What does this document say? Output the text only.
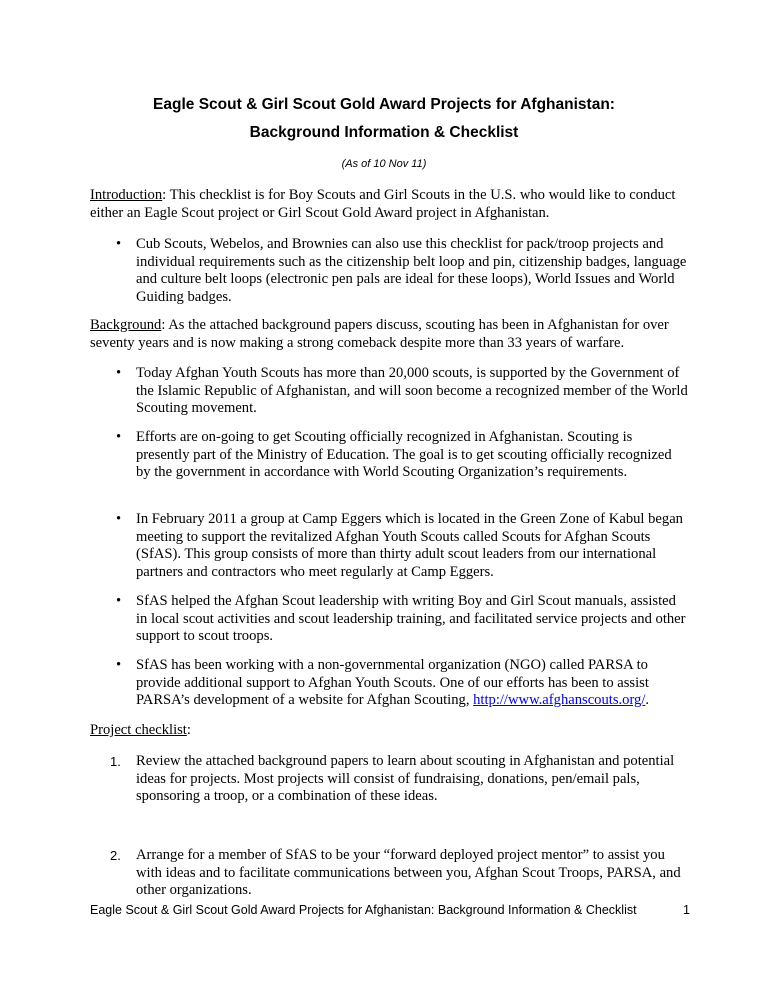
Eagle Scout & Girl Scout Gold Award Projects for Afghanistan:
Background Information & Checklist
(As of 10 Nov 11)
Introduction: This checklist is for Boy Scouts and Girl Scouts in the U.S. who would like to conduct either an Eagle Scout project or Girl Scout Gold Award project in Afghanistan.
• Cub Scouts, Webelos, and Brownies can also use this checklist for pack/troop projects and individual requirements such as the citizenship belt loop and pin, citizenship badges, language and culture belt loops (electronic pen pals are ideal for these loops), World Issues and World Guiding badges.
Background: As the attached background papers discuss, scouting has been in Afghanistan for over seventy years and is now making a strong comeback despite more than 33 years of warfare.
• Today Afghan Youth Scouts has more than 20,000 scouts, is supported by the Government of the Islamic Republic of Afghanistan, and will soon become a recognized member of the World Scouting movement.
• Efforts are on-going to get Scouting officially recognized in Afghanistan. Scouting is presently part of the Ministry of Education. The goal is to get scouting officially recognized by the government in accordance with World Scouting Organization’s requirements.
• In February 2011 a group at Camp Eggers which is located in the Green Zone of Kabul began meeting to support the revitalized Afghan Youth Scouts called Scouts for Afghan Scouts (SfAS). This group consists of more than thirty adult scout leaders from our international partners and contractors who meet regularly at Camp Eggers.
• SfAS helped the Afghan Scout leadership with writing Boy and Girl Scout manuals, assisted in local scout activities and scout leadership training, and facilitated service projects and other support to scout troops.
• SfAS has been working with a non-governmental organization (NGO) called PARSA to provide additional support to Afghan Youth Scouts. One of our efforts has been to assist PARSA’s development of a website for Afghan Scouting, http://www.afghanscouts.org/.
Project checklist:
1. Review the attached background papers to learn about scouting in Afghanistan and potential ideas for projects. Most projects will consist of fundraising, donations, pen/email pals, sponsoring a troop, or a combination of these ideas.
2. Arrange for a member of SfAS to be your “forward deployed project mentor” to assist you with ideas and to facilitate communications between you, Afghan Scout Troops, PARSA, and other organizations.
Eagle Scout & Girl Scout Gold Award Projects for Afghanistan: Background Information & Checklist	1
